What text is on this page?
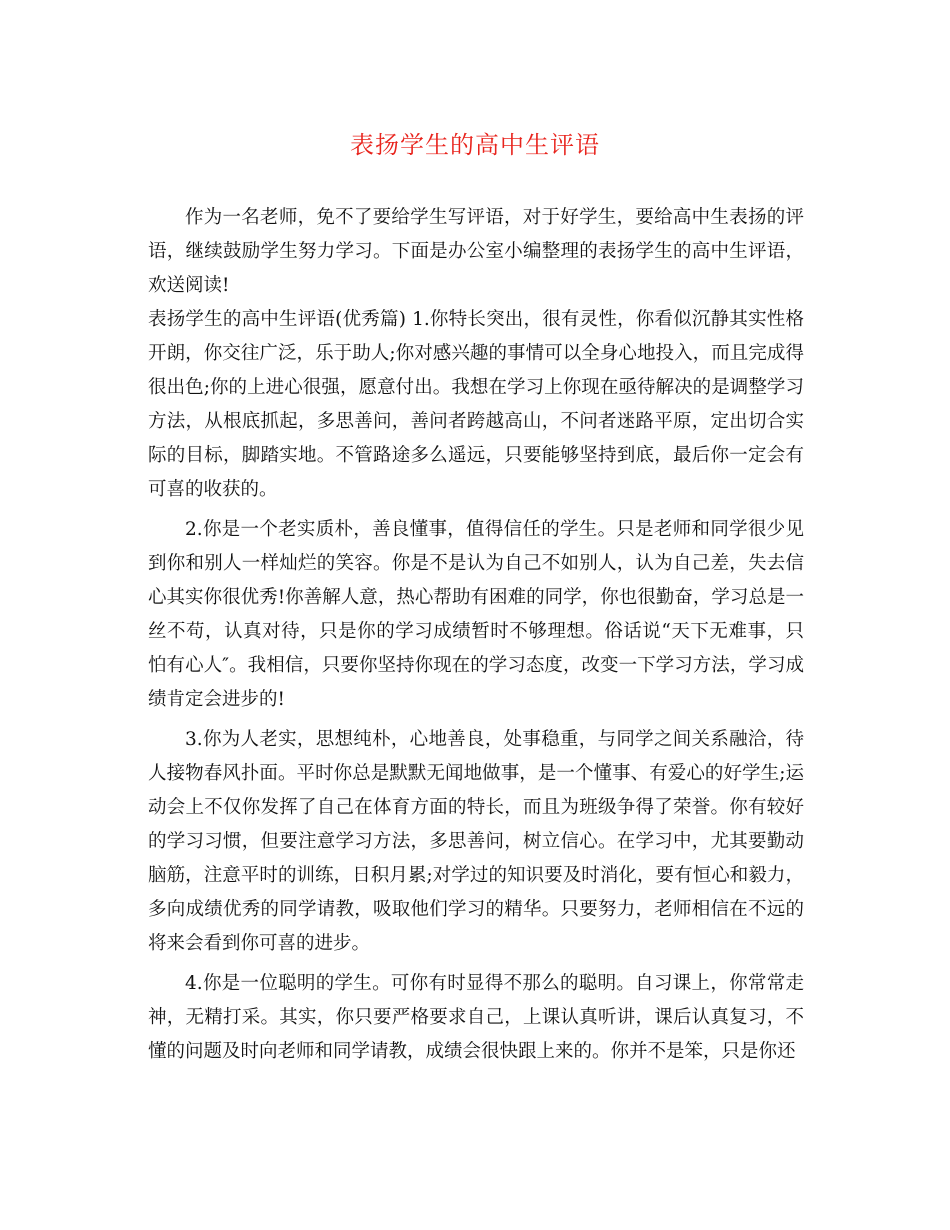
表扬学生的高中生评语

作为一名老师，免不了要给学生写评语，对于好学生，要给高中生表扬的评语，继续鼓励学生努力学习。下面是办公室小编整理的表扬学生的高中生评语，欢送阅读!

表扬学生的高中生评语(优秀篇) 1.你特长突出，很有灵性，你看似沉静其实性格开朗，你交往广泛，乐于助人;你对感兴趣的事情可以全身心地投入，而且完成得很出色;你的上进心很强，愿意付出。我想在学习上你现在亟待解决的是调整学习方法，从根底抓起，多思善问，善问者跨越高山，不问者迷路平原，定出切合实际的目标，脚踏实地。不管路途多么遥远，只要能够坚持到底，最后你一定会有可喜的收获的。

2.你是一个老实质朴，善良懂事，值得信任的学生。只是老师和同学很少见到你和别人一样灿烂的笑容。你是不是认为自己不如别人，认为自己差，失去信心其实你很优秀!你善解人意，热心帮助有困难的同学，你也很勤奋，学习总是一丝不苟，认真对待，只是你的学习成绩暂时不够理想。俗话说“天下无难事，只怕有心人″。我相信，只要你坚持你现在的学习态度，改变一下学习方法，学习成绩肯定会进步的!

3.你为人老实，思想纯朴，心地善良，处事稳重，与同学之间关系融洽，待人接物春风扑面。平时你总是默默无闻地做事，是一个懂事、有爱心的好学生;运动会上不仅你发挥了自己在体育方面的特长，而且为班级争得了荣誉。你有较好的学习习惯，但要注意学习方法，多思善问，树立信心。在学习中，尤其要勤动脑筋，注意平时的训练，日积月累;对学过的知识要及时消化，要有恒心和毅力，多向成绩优秀的同学请教，吸取他们学习的精华。只要努力，老师相信在不远的将来会看到你可喜的进步。

4.你是一位聪明的学生。可你有时显得不那么的聪明。自习课上，你常常走神，无精打采。其实，你只要严格要求自己，上课认真听讲，课后认真复习，不懂的问题及时向老师和同学请教，成绩会很快跟上来的。你并不是笨，只是你还
